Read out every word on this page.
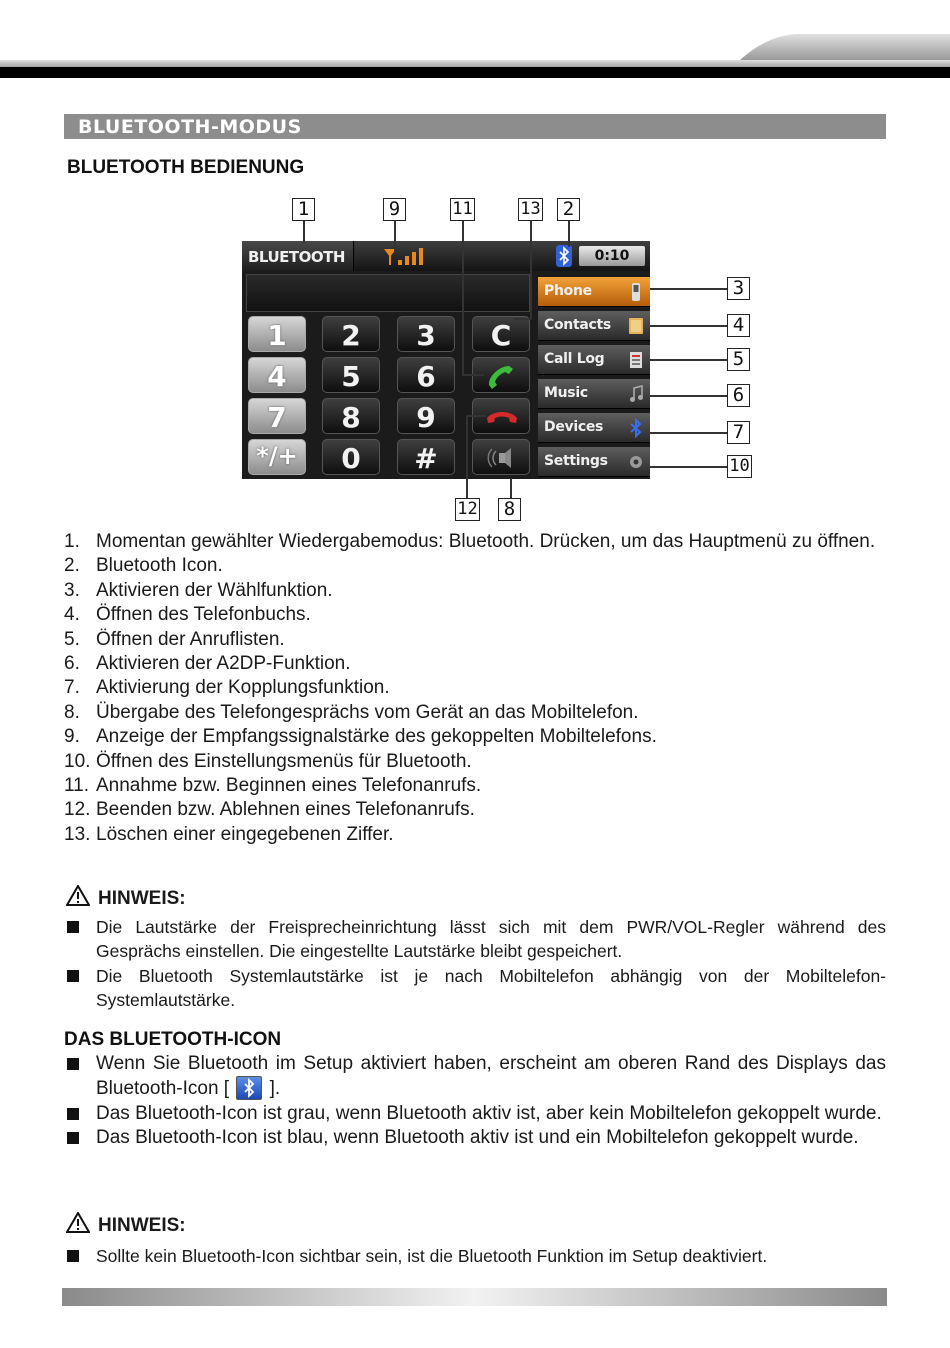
BLUETOOTH-MODUS
BLUETOOTH BEDIENUNG
BLUETOOTH	0:10
1	2	3	C
4	5	6
7	8	9
*/+	0	#
Phone
Contacts
Call Log
Music
Devices
Settings
1	9	11	13	2
3
4
5
6
7
10
12	8
1. Momentan gewählter Wiedergabemodus: Bluetooth. Drücken, um das Hauptmenü zu öffnen.
2. Bluetooth Icon.
3. Aktivieren der Wählfunktion.
4. Öffnen des Telefonbuchs.
5. Öffnen der Anruflisten.
6. Aktivieren der A2DP-Funktion.
7. Aktivierung der Kopplungsfunktion.
8. Übergabe des Telefongesprächs vom Gerät an das Mobiltelefon.
9. Anzeige der Empfangssignalstärke des gekoppelten Mobiltelefons.
10. Öffnen des Einstellungsmenüs für Bluetooth.
11. Annahme bzw. Beginnen eines Telefonanrufs.
12. Beenden bzw. Ablehnen eines Telefonanrufs.
13. Löschen einer eingegebenen Ziffer.
HINWEIS:
Die Lautstärke der Freisprecheinrichtung lässt sich mit dem PWR/VOL-Regler während des Gesprächs einstellen. Die eingestellte Lautstärke bleibt gespeichert.
Die Bluetooth Systemlautstärke ist je nach Mobiltelefon abhängig von der Mobiltelefon-Systemlautstärke.
DAS BLUETOOTH-ICON
Wenn Sie Bluetooth im Setup aktiviert haben, erscheint am oberen Rand des Displays das Bluetooth-Icon [ ].
Das Bluetooth-Icon ist grau, wenn Bluetooth aktiv ist, aber kein Mobiltelefon gekoppelt wurde.
Das Bluetooth-Icon ist blau, wenn Bluetooth aktiv ist und ein Mobiltelefon gekoppelt wurde.
HINWEIS:
Sollte kein Bluetooth-Icon sichtbar sein, ist die Bluetooth Funktion im Setup deaktiviert.
